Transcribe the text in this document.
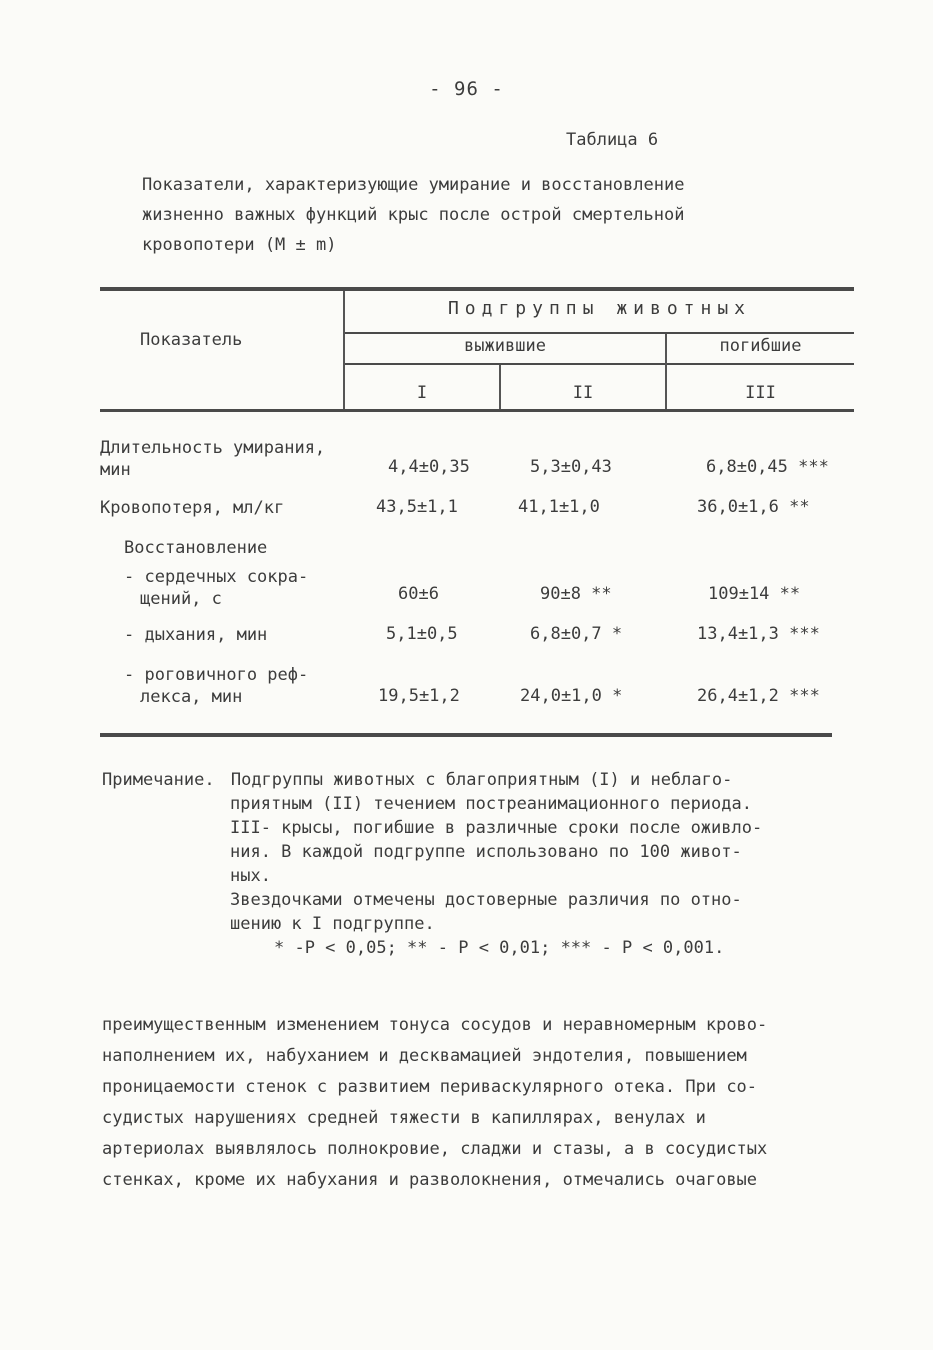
- 96 -
Таблица 6
Показатели, характеризующие умирание и восстановление
жизненно важных функций крыс после острой смертельной
кровопотери (M ± m)
Показатель
Подгруппы животных
выжившие	погибшие
I	II	III
Длительность умирания,
мин	4,4±0,35	5,3±0,43	6,8±0,45 ***
Кровопотеря, мл/кг	43,5±1,1	41,1±1,0	36,0±1,6 **
Восстановление
- сердечных сокра-
щений, с	60±6	90±8 **	109±14 **
- дыхания, мин	5,1±0,5	6,8±0,7 *	13,4±1,3 ***
- роговичного реф-
лекса, мин	19,5±1,2	24,0±1,0 *	26,4±1,2 ***
Примечание. Подгруппы животных с благоприятным (I) и неблаго-
приятным (II) течением постреанимационного периода.
III- крысы, погибшие в различные сроки после оживло-
ния. В каждой подгруппе использовано по 100 живот-
ных.
Звездочками отмечены достоверные различия по отно-
шению к I подгруппе.
* -P < 0,05; ** - P < 0,01; *** - P < 0,001.
преимущественным изменением тонуса сосудов и неравномерным крово-
наполнением их, набуханием и десквамацией эндотелия, повышением
проницаемости стенок с развитием периваскулярного отека. При со-
судистых нарушениях средней тяжести в капиллярах, венулах и
артериолах выявлялось полнокровие, сладжи и стазы, а в сосудистых
стенках, кроме их набухания и разволокнения, отмечались очаговые
